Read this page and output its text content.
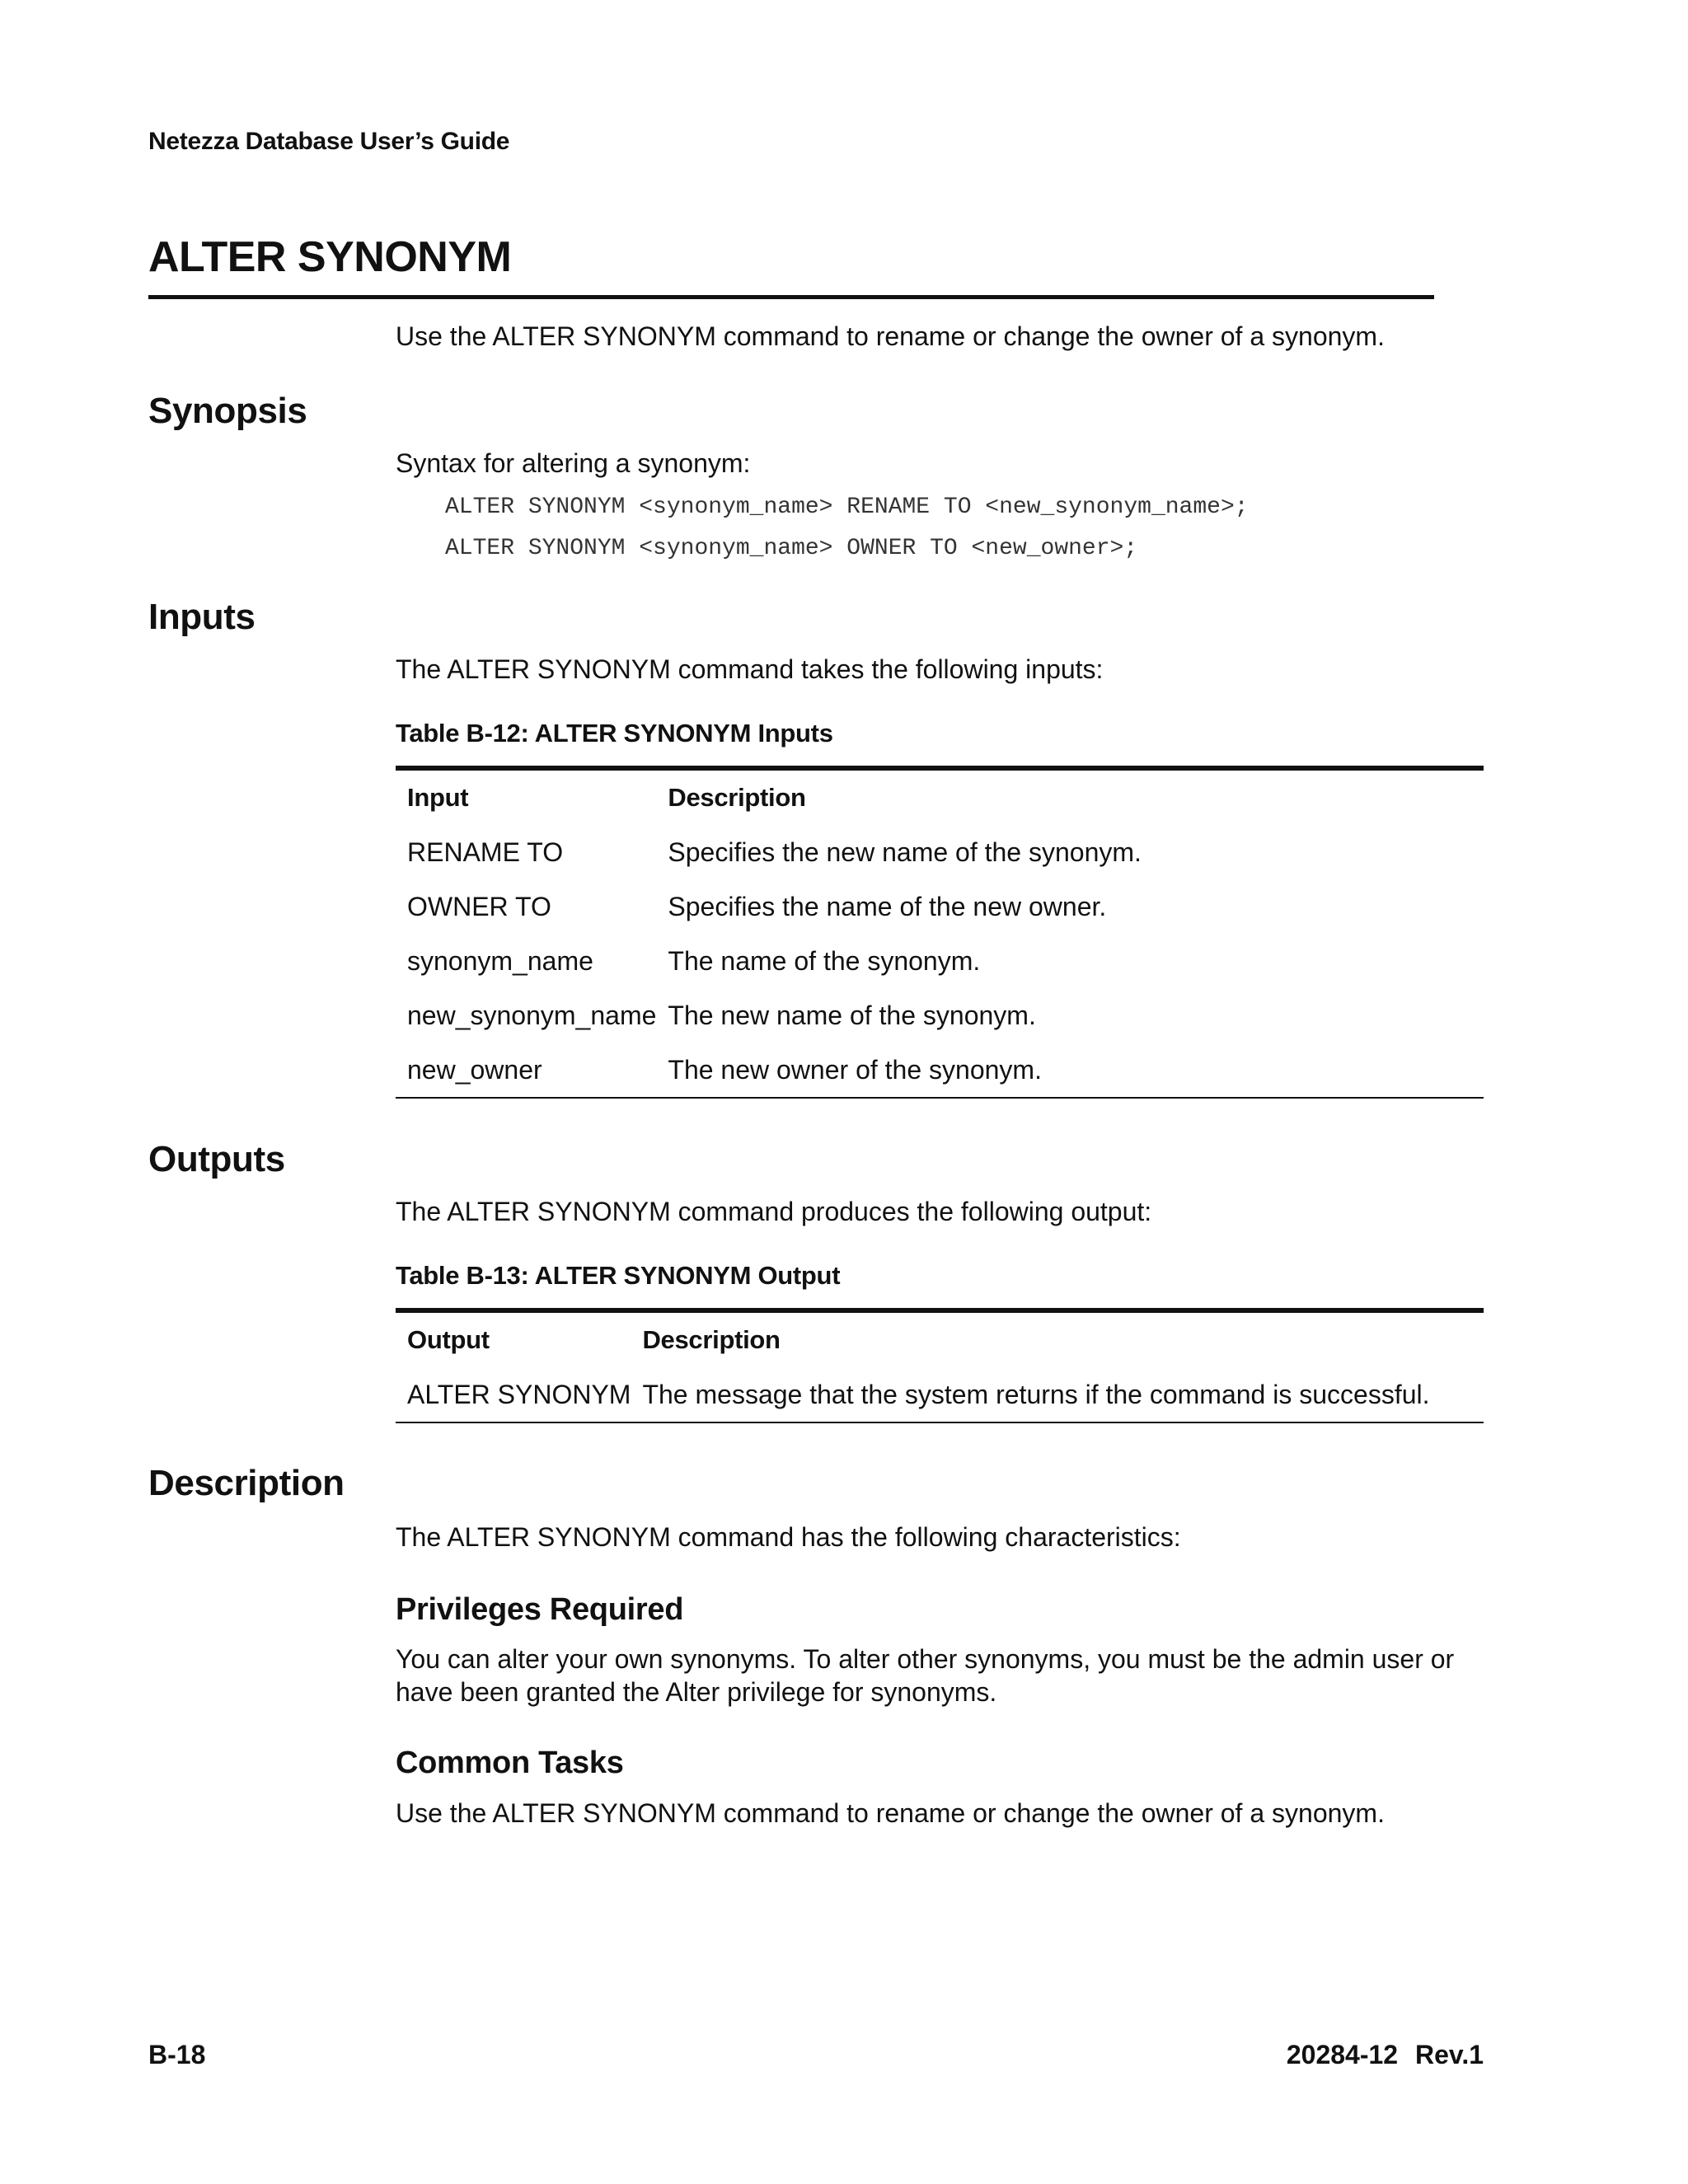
Netezza Database User’s Guide
ALTER SYNONYM
Use the ALTER SYNONYM command to rename or change the owner of a synonym.
Synopsis
Syntax for altering a synonym:
ALTER SYNONYM <synonym_name> RENAME TO <new_synonym_name>;
ALTER SYNONYM <synonym_name> OWNER TO <new_owner>;
Inputs
The ALTER SYNONYM command takes the following inputs:
Table B-12: ALTER SYNONYM Inputs
Input	Description
RENAME TO	Specifies the new name of the synonym.
OWNER TO	Specifies the name of the new owner.
synonym_name	The name of the synonym.
new_synonym_name	The new name of the synonym.
new_owner	The new owner of the synonym.
Outputs
The ALTER SYNONYM command produces the following output:
Table B-13: ALTER SYNONYM Output
Output	Description
ALTER SYNONYM	The message that the system returns if the command is successful.
Description
The ALTER SYNONYM command has the following characteristics:
Privileges Required
You can alter your own synonyms. To alter other synonyms, you must be the admin user or have been granted the Alter privilege for synonyms.
Common Tasks
Use the ALTER SYNONYM command to rename or change the owner of a synonym.
B-18	20284-12 Rev.1
